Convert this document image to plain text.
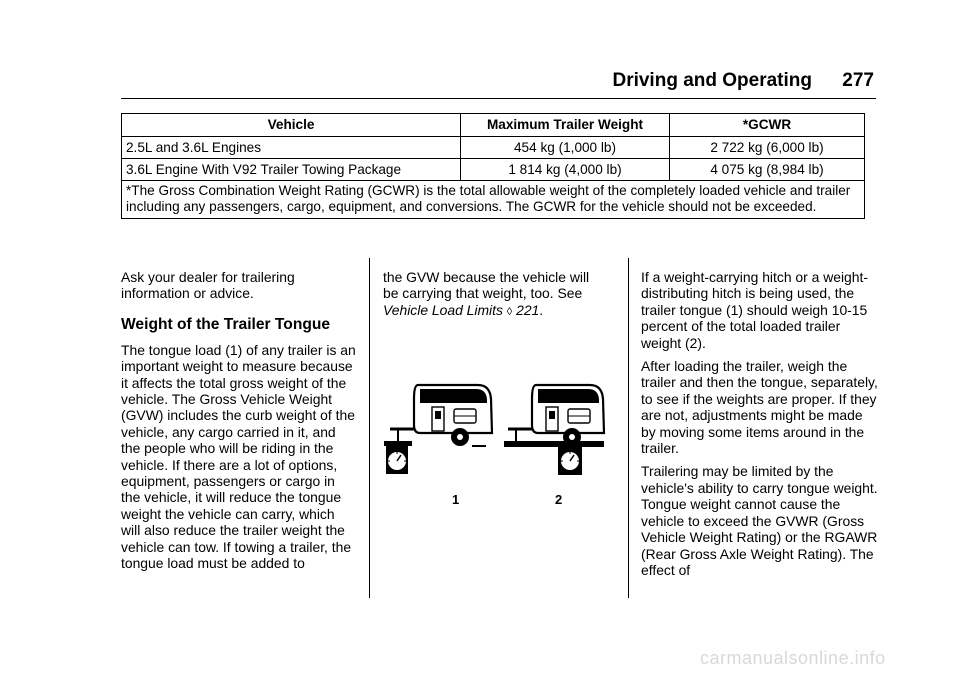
Driving and Operating 277
Vehicle	Maximum Trailer Weight	*GCWR
2.5L and 3.6L Engines	454 kg (1,000 lb)	2 722 kg (6,000 lb)
3.6L Engine With V92 Trailer Towing Package	1 814 kg (4,000 lb)	4 075 kg (8,984 lb)
*The Gross Combination Weight Rating (GCWR) is the total allowable weight of the completely loaded vehicle and trailer including any passengers, cargo, equipment, and conversions. The GCWR for the vehicle should not be exceeded.		

Ask your dealer for trailering information or advice.

Weight of the Trailer Tongue

The tongue load (1) of any trailer is an important weight to measure because it affects the total gross weight of the vehicle. The Gross Vehicle Weight (GVW) includes the curb weight of the vehicle, any cargo carried in it, and the people who will be riding in the vehicle. If there are a lot of options, equipment, passengers or cargo in the vehicle, it will reduce the tongue weight the vehicle can carry, which will also reduce the trailer weight the vehicle can tow. If towing a trailer, the tongue load must be added to

the GVW because the vehicle will be carrying that weight, too. See Vehicle Load Limits ◊ 221.

1	2

If a weight-carrying hitch or a weight-distributing hitch is being used, the trailer tongue (1) should weigh 10-15 percent of the total loaded trailer weight (2).

After loading the trailer, weigh the trailer and then the tongue, separately, to see if the weights are proper. If they are not, adjustments might be made by moving some items around in the trailer.

Trailering may be limited by the vehicle's ability to carry tongue weight. Tongue weight cannot cause the vehicle to exceed the GVWR (Gross Vehicle Weight Rating) or the RGAWR (Rear Gross Axle Weight Rating). The effect of

carmanualsonline.info
